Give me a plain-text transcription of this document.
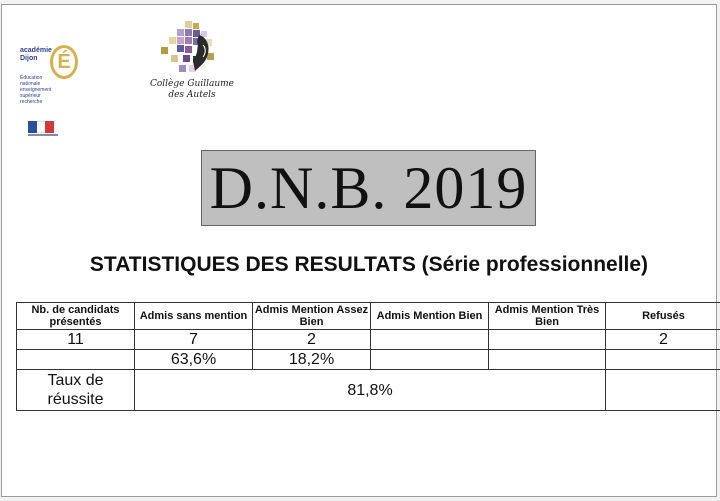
académie Dijon É
Éducation nationale enseignement supérieur recherche
Collège Guillaume des Autels
D.N.B. 2019
STATISTIQUES DES RESULTATS (Série professionnelle)
Nb. de candidats présentés	Admis sans mention	Admis Mention Assez Bien	Admis Mention Bien	Admis Mention Très Bien	Refusés
11	7	2			2
	63,6%	18,2%			
Taux de réussite	81,8%				
